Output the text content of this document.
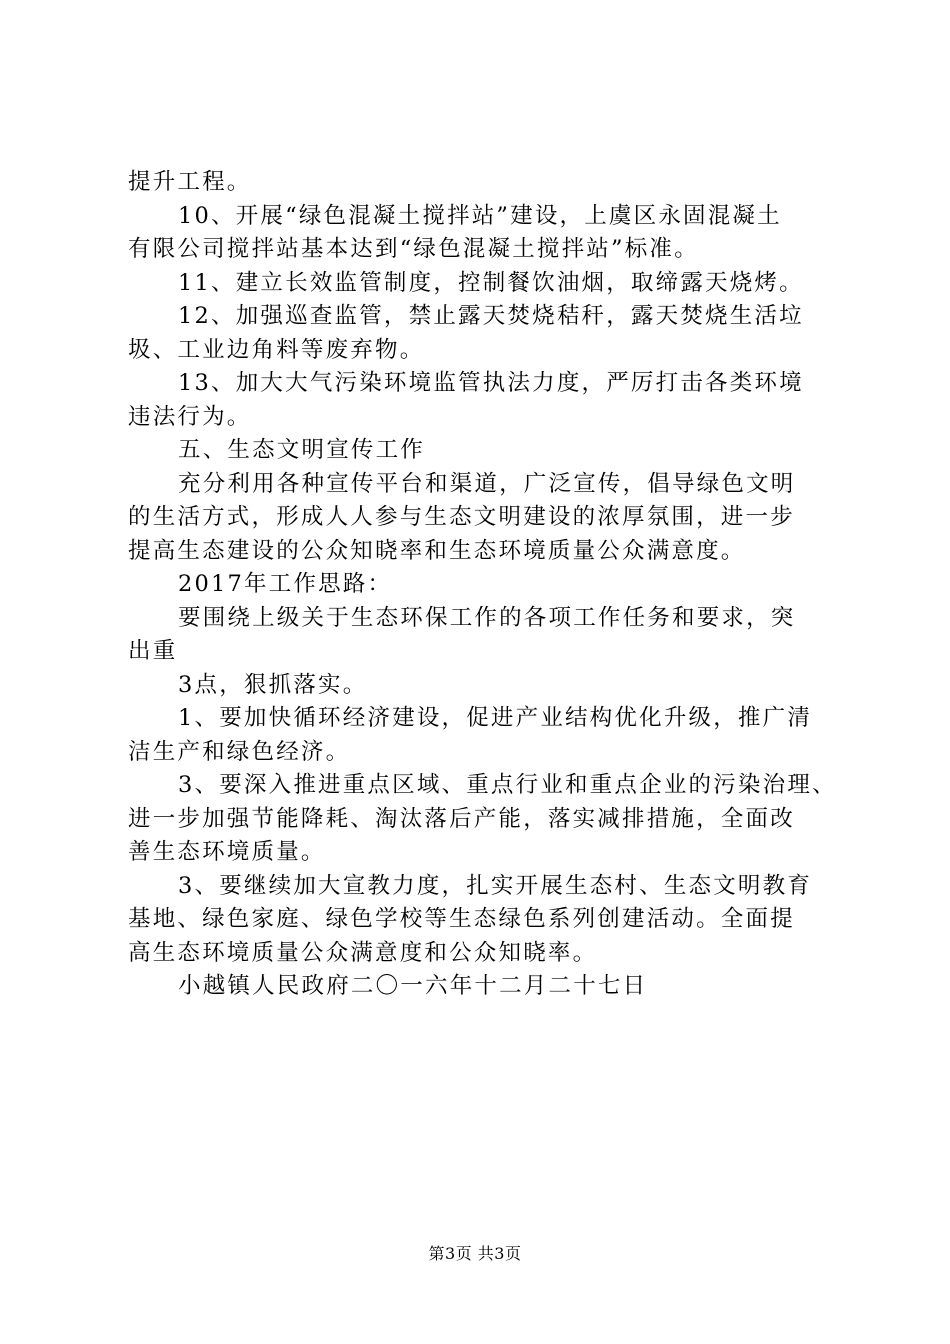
提升工程。
10、开展“绿色混凝土搅拌站”建设，上虞区永固混凝土
有限公司搅拌站基本达到“绿色混凝土搅拌站”标准。
11、建立长效监管制度，控制餐饮油烟，取缔露天烧烤。
12、加强巡查监管，禁止露天焚烧秸秆，露天焚烧生活垃
圾、工业边角料等废弃物。
13、加大大气污染环境监管执法力度，严厉打击各类环境
违法行为。
五、生态文明宣传工作
充分利用各种宣传平台和渠道，广泛宣传，倡导绿色文明
的生活方式，形成人人参与生态文明建设的浓厚氛围，进一步
提高生态建设的公众知晓率和生态环境质量公众满意度。
2017年工作思路：
要围绕上级关于生态环保工作的各项工作任务和要求，突
出重
3点，狠抓落实。
1、要加快循环经济建设，促进产业结构优化升级，推广清
洁生产和绿色经济。
3、要深入推进重点区域、重点行业和重点企业的污染治理、
进一步加强节能降耗、淘汰落后产能，落实减排措施，全面改
善生态环境质量。
3、要继续加大宣教力度，扎实开展生态村、生态文明教育
基地、绿色家庭、绿色学校等生态绿色系列创建活动。全面提
高生态环境质量公众满意度和公众知晓率。
小越镇人民政府二〇一六年十二月二十七日
第3页 共3页
